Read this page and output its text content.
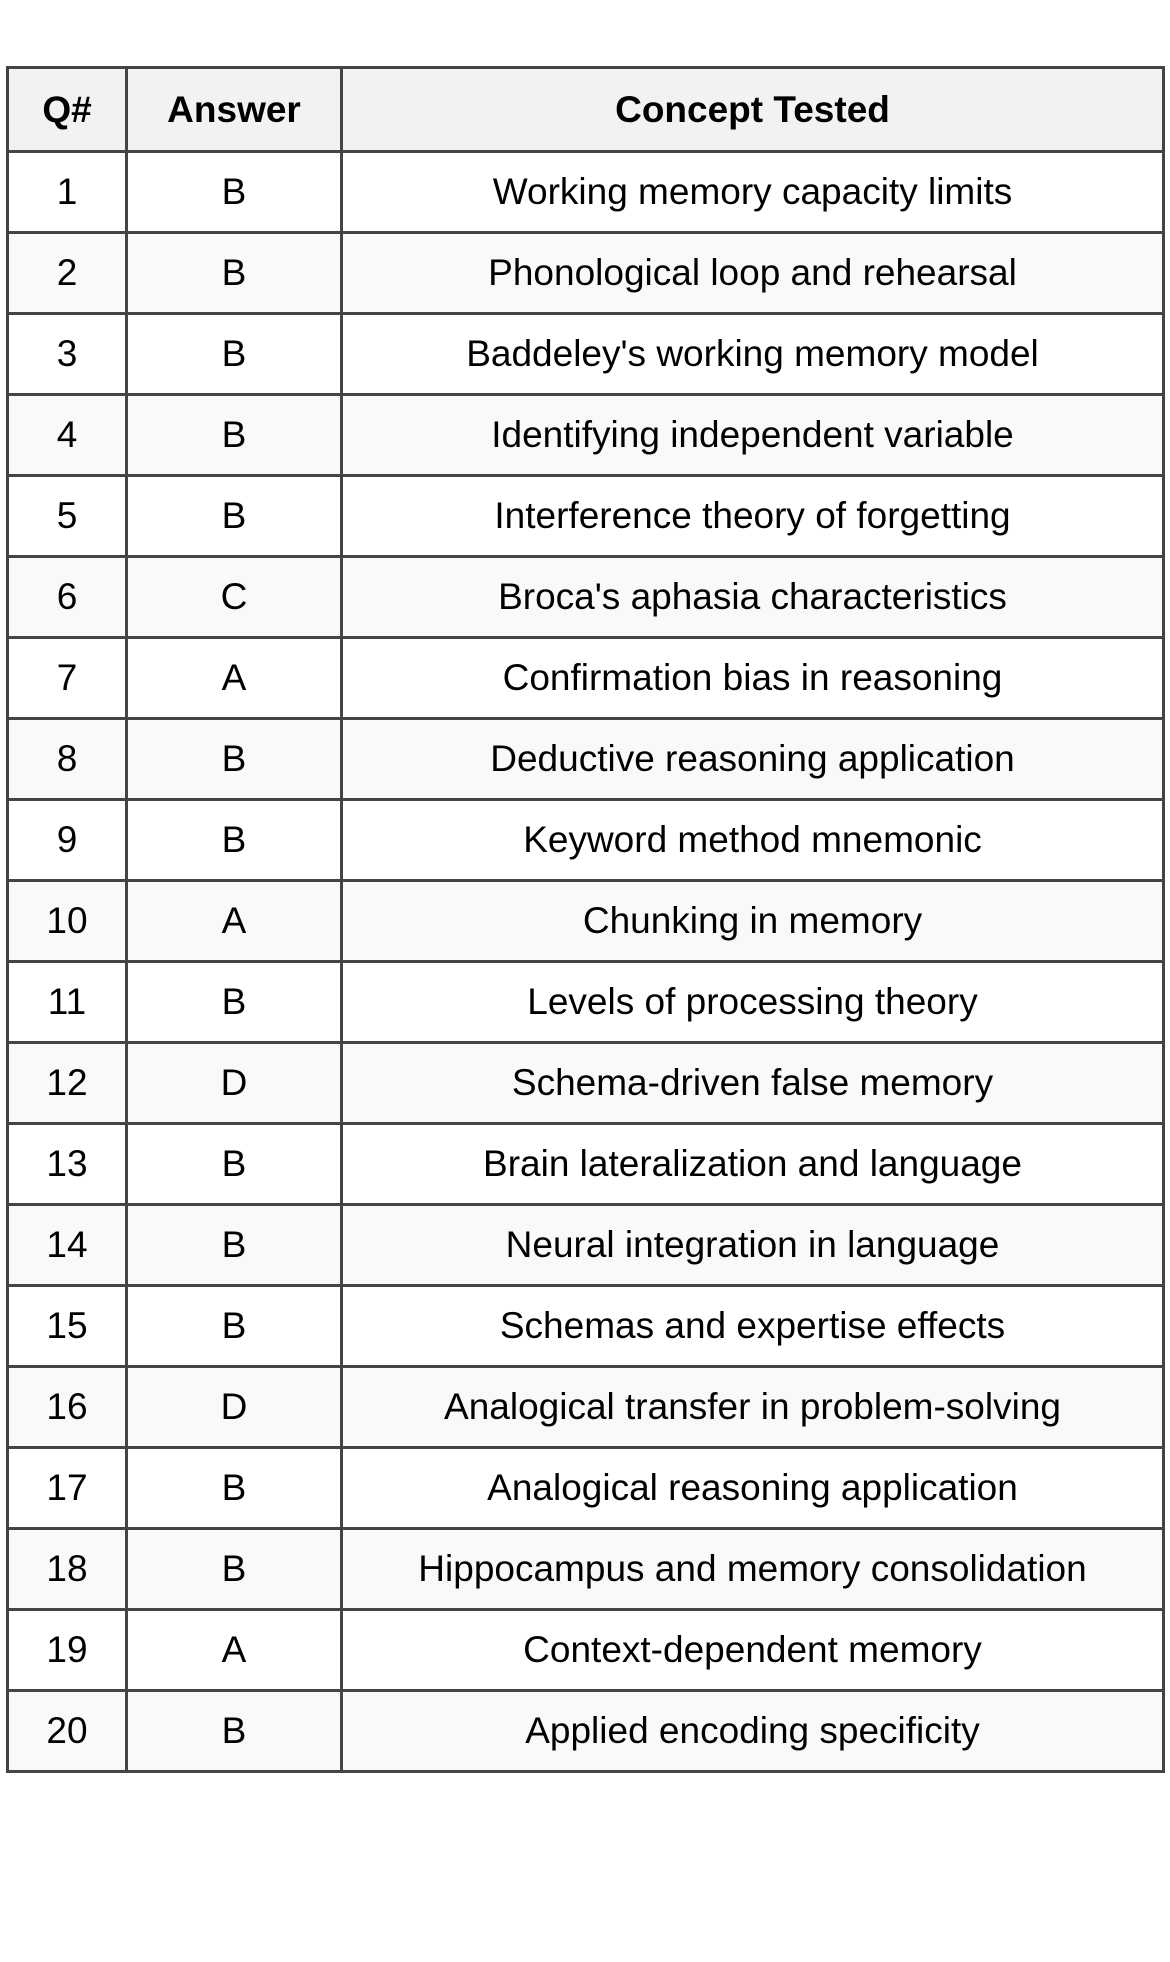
Q#	Answer	Concept Tested
1	B	Working memory capacity limits
2	B	Phonological loop and rehearsal
3	B	Baddeley's working memory model
4	B	Identifying independent variable
5	B	Interference theory of forgetting
6	C	Broca's aphasia characteristics
7	A	Confirmation bias in reasoning
8	B	Deductive reasoning application
9	B	Keyword method mnemonic
10	A	Chunking in memory
11	B	Levels of processing theory
12	D	Schema-driven false memory
13	B	Brain lateralization and language
14	B	Neural integration in language
15	B	Schemas and expertise effects
16	D	Analogical transfer in problem-solving
17	B	Analogical reasoning application
18	B	Hippocampus and memory consolidation
19	A	Context-dependent memory
20	B	Applied encoding specificity
